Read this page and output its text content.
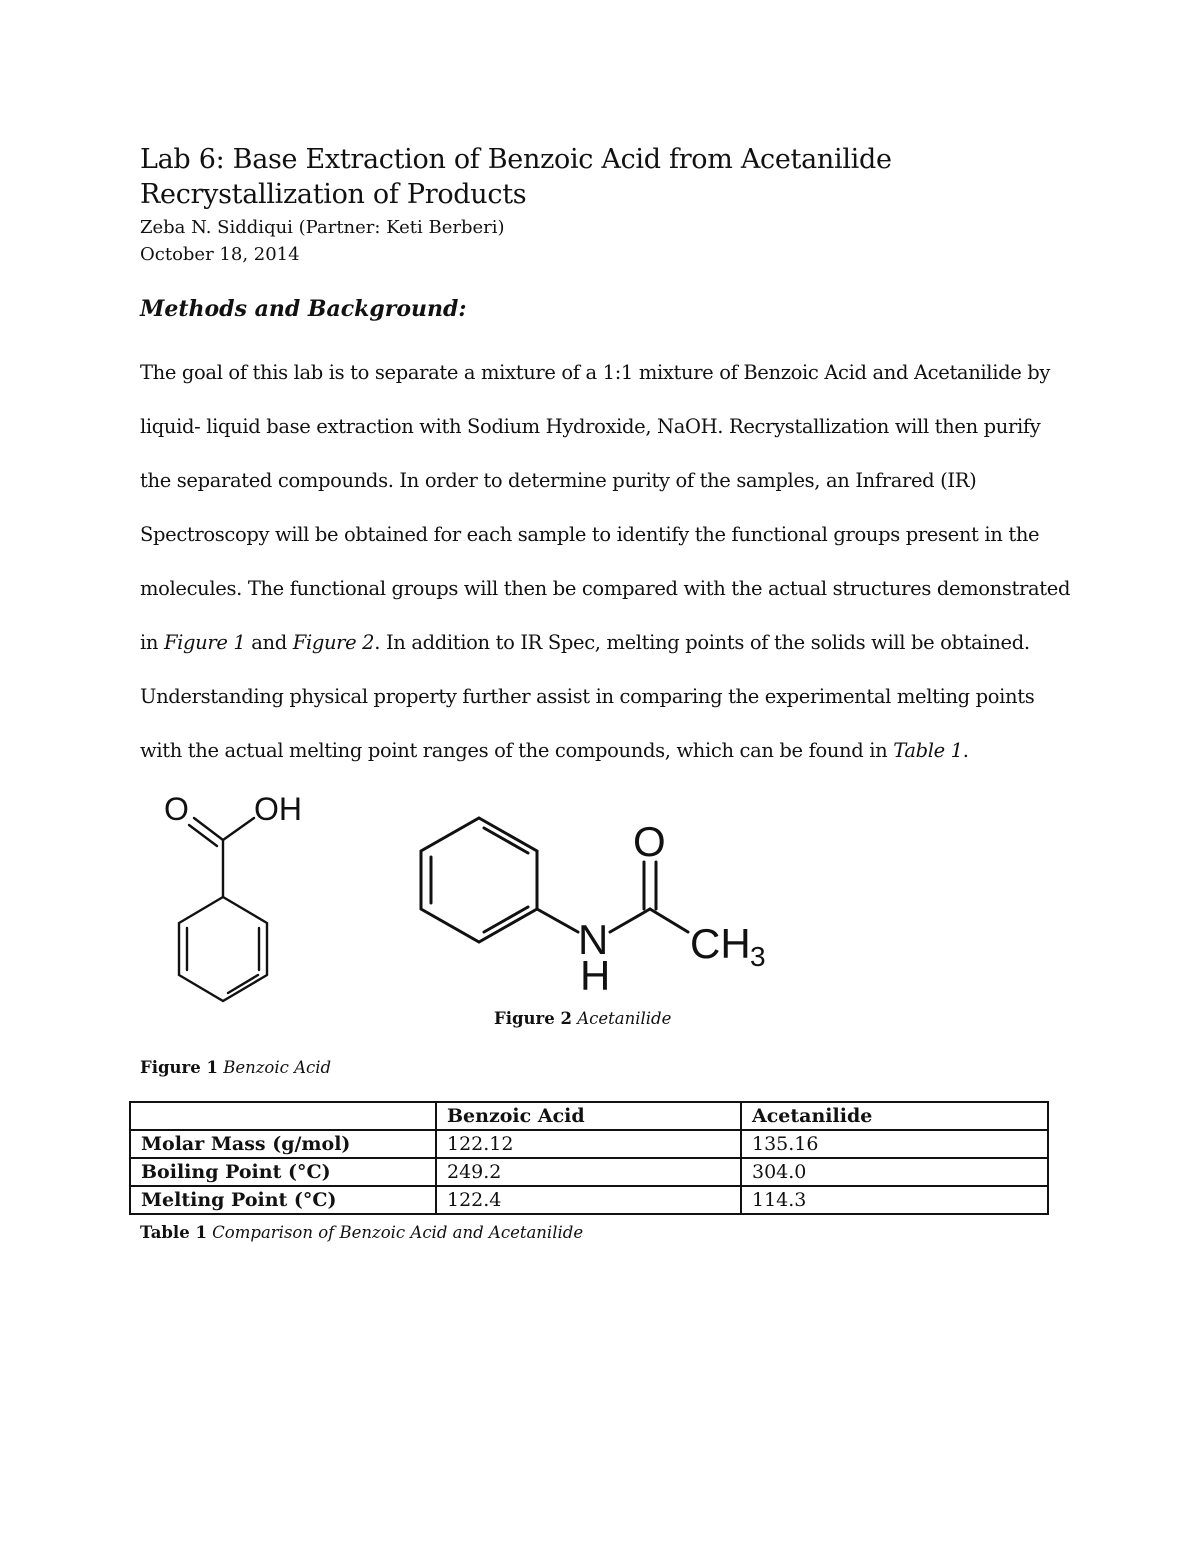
Lab 6: Base Extraction of Benzoic Acid from Acetanilide
Recrystallization of Products
Zeba N. Siddiqui (Partner: Keti Berberi)
October 18, 2014
Methods and Background:
The goal of this lab is to separate a mixture of a 1:1 mixture of Benzoic Acid and Acetanilide by
liquid- liquid base extraction with Sodium Hydroxide, NaOH. Recrystallization will then purify
the separated compounds. In order to determine purity of the samples, an Infrared (IR)
Spectroscopy will be obtained for each sample to identify the functional groups present in the
molecules. The functional groups will then be compared with the actual structures demonstrated
in Figure 1 and Figure 2. In addition to IR Spec, melting points of the solids will be obtained.
Understanding physical property further assist in comparing the experimental melting points
with the actual melting point ranges of the compounds, which can be found in Table 1.
O OH
O
N
H
CH 3
Figure 2 Acetanilide
Figure 1 Benzoic Acid
	Benzoic Acid	Acetanilide
Molar Mass (g/mol)	122.12	135.16
Boiling Point (°C)	249.2	304.0
Melting Point (°C)	122.4	114.3
Table 1 Comparison of Benzoic Acid and Acetanilide
